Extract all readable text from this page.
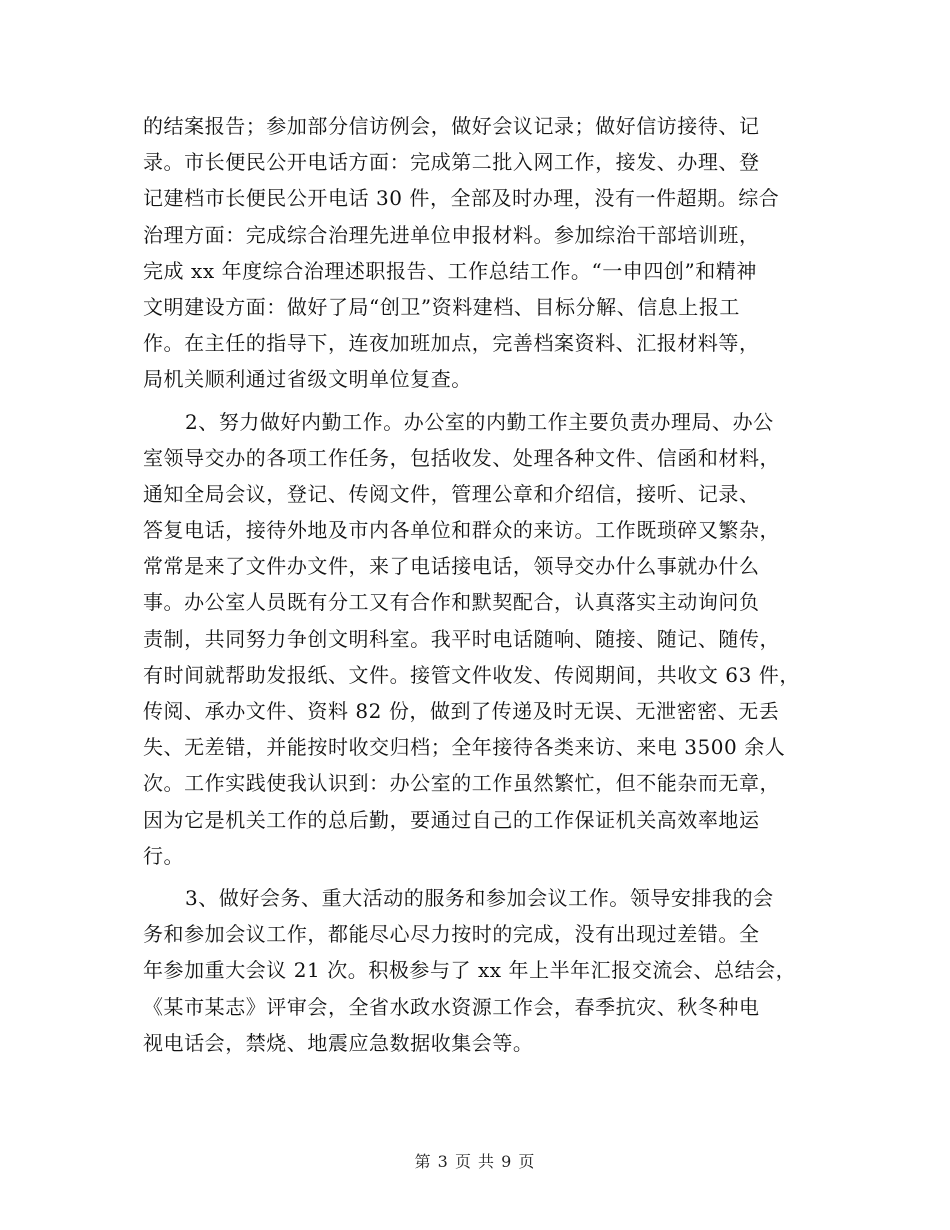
的结案报告；参加部分信访例会，做好会议记录；做好信访接待、记
录。市长便民公开电话方面：完成第二批入网工作，接发、办理、登
记建档市长便民公开电话 30 件，全部及时办理，没有一件超期。综合
治理方面：完成综合治理先进单位申报材料。参加综治干部培训班，
完成 xx 年度综合治理述职报告、工作总结工作。“一申四创”和精神
文明建设方面：做好了局“创卫”资料建档、目标分解、信息上报工
作。在主任的指导下，连夜加班加点，完善档案资料、汇报材料等，
局机关顺利通过省级文明单位复查。
2、努力做好内勤工作。办公室的内勤工作主要负责办理局、办公
室领导交办的各项工作任务，包括收发、处理各种文件、信函和材料，
通知全局会议，登记、传阅文件，管理公章和介绍信，接听、记录、
答复电话，接待外地及市内各单位和群众的来访。工作既琐碎又繁杂，
常常是来了文件办文件，来了电话接电话，领导交办什么事就办什么
事。办公室人员既有分工又有合作和默契配合，认真落实主动询问负
责制，共同努力争创文明科室。我平时电话随响、随接、随记、随传，
有时间就帮助发报纸、文件。接管文件收发、传阅期间，共收文 63 件，
传阅、承办文件、资料 82 份，做到了传递及时无误、无泄密密、无丢
失、无差错，并能按时收交归档；全年接待各类来访、来电 3500 余人
次。工作实践使我认识到：办公室的工作虽然繁忙，但不能杂而无章，
因为它是机关工作的总后勤，要通过自己的工作保证机关高效率地运
行。
3、做好会务、重大活动的服务和参加会议工作。领导安排我的会
务和参加会议工作，都能尽心尽力按时的完成，没有出现过差错。全
年参加重大会议 21 次。积极参与了 xx 年上半年汇报交流会、总结会，
《某市某志》评审会，全省水政水资源工作会，春季抗灾、秋冬种电
视电话会，禁烧、地震应急数据收集会等。
第 3 页 共 9 页
